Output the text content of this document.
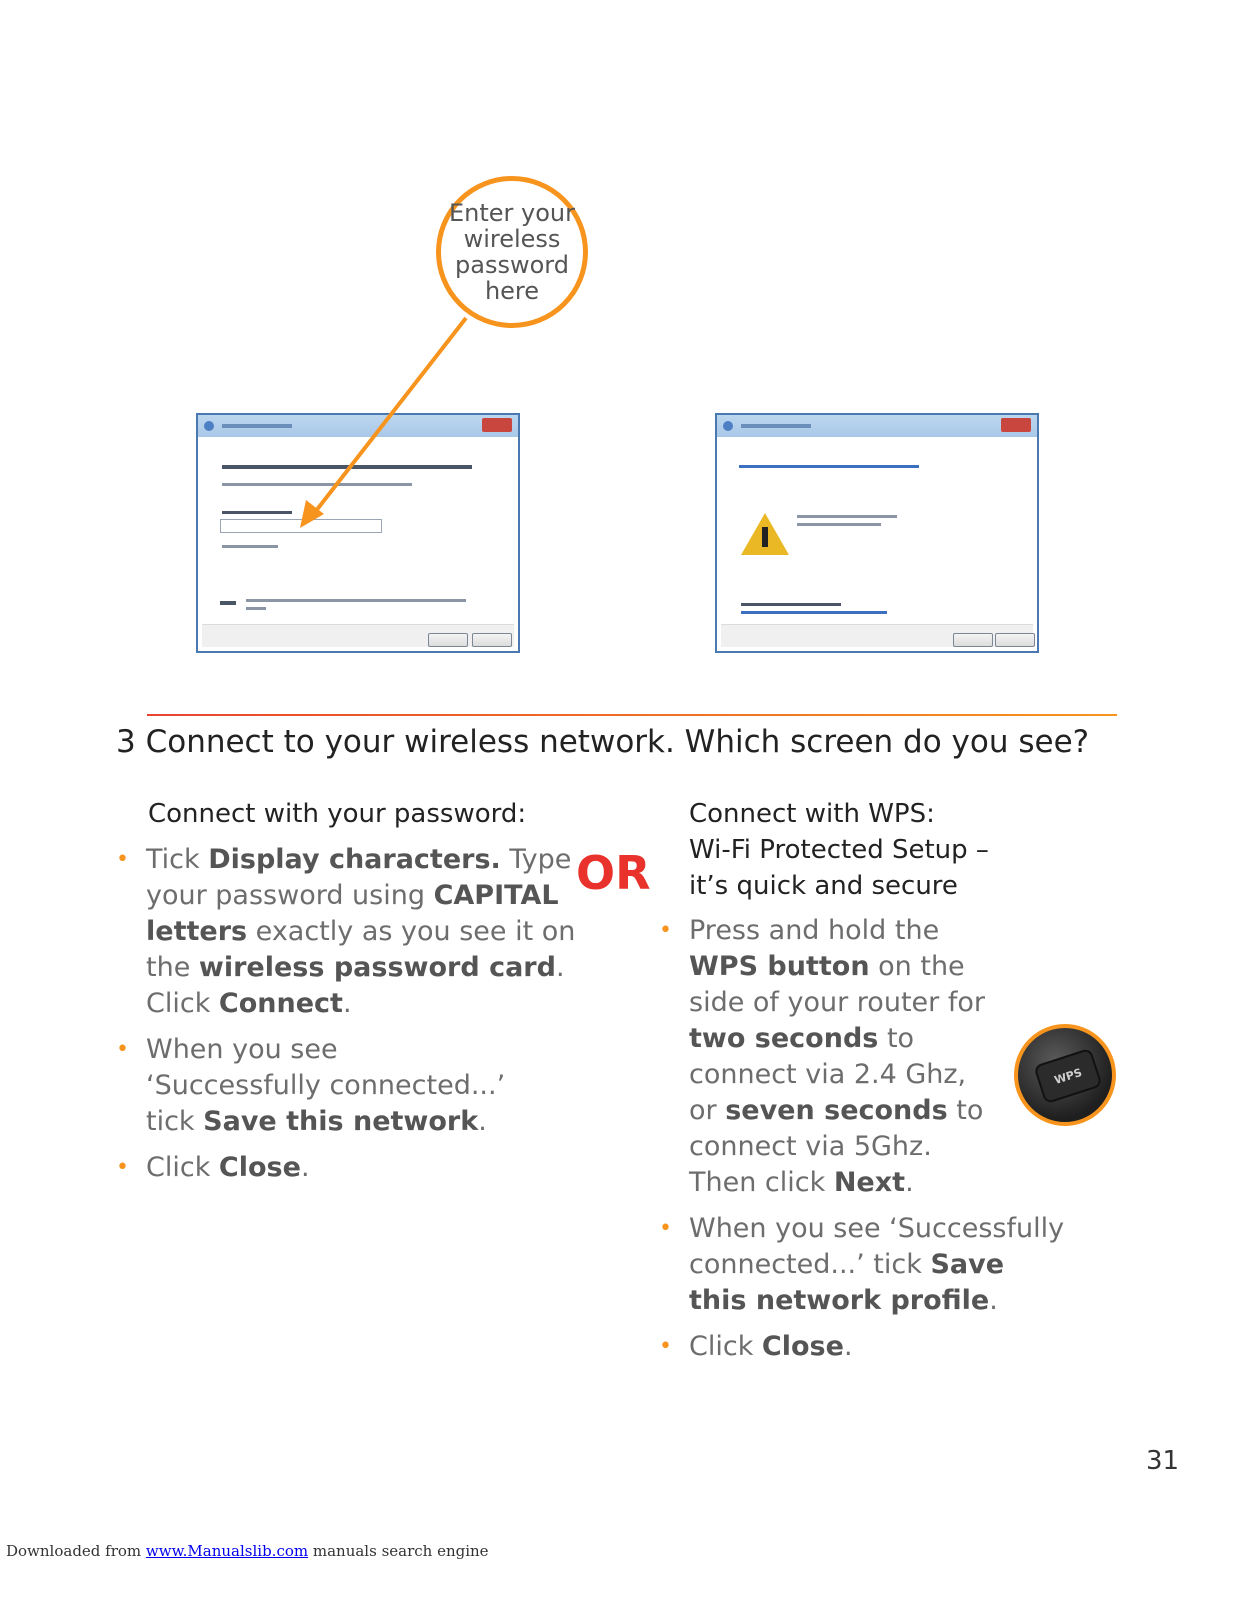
Enter your
wireless
password
here
3 Connect to your wireless network. Which screen do you see?
Connect with your password:
• Tick Display characters. Type your password using CAPITAL letters exactly as you see it on the wireless password card. Click Connect.
• When you see ‘Successfully connected...’ tick Save this network.
• Click Close.
OR
Connect with WPS:
Wi-Fi Protected Setup –
it’s quick and secure
• Press and hold the WPS button on the side of your router for two seconds to connect via 2.4 Ghz, or seven seconds to connect via 5Ghz. Then click Next.
• When you see ‘Successfully connected...’ tick Save this network profile.
• Click Close.
WPS
31
Downloaded from www.Manualslib.com manuals search engine
